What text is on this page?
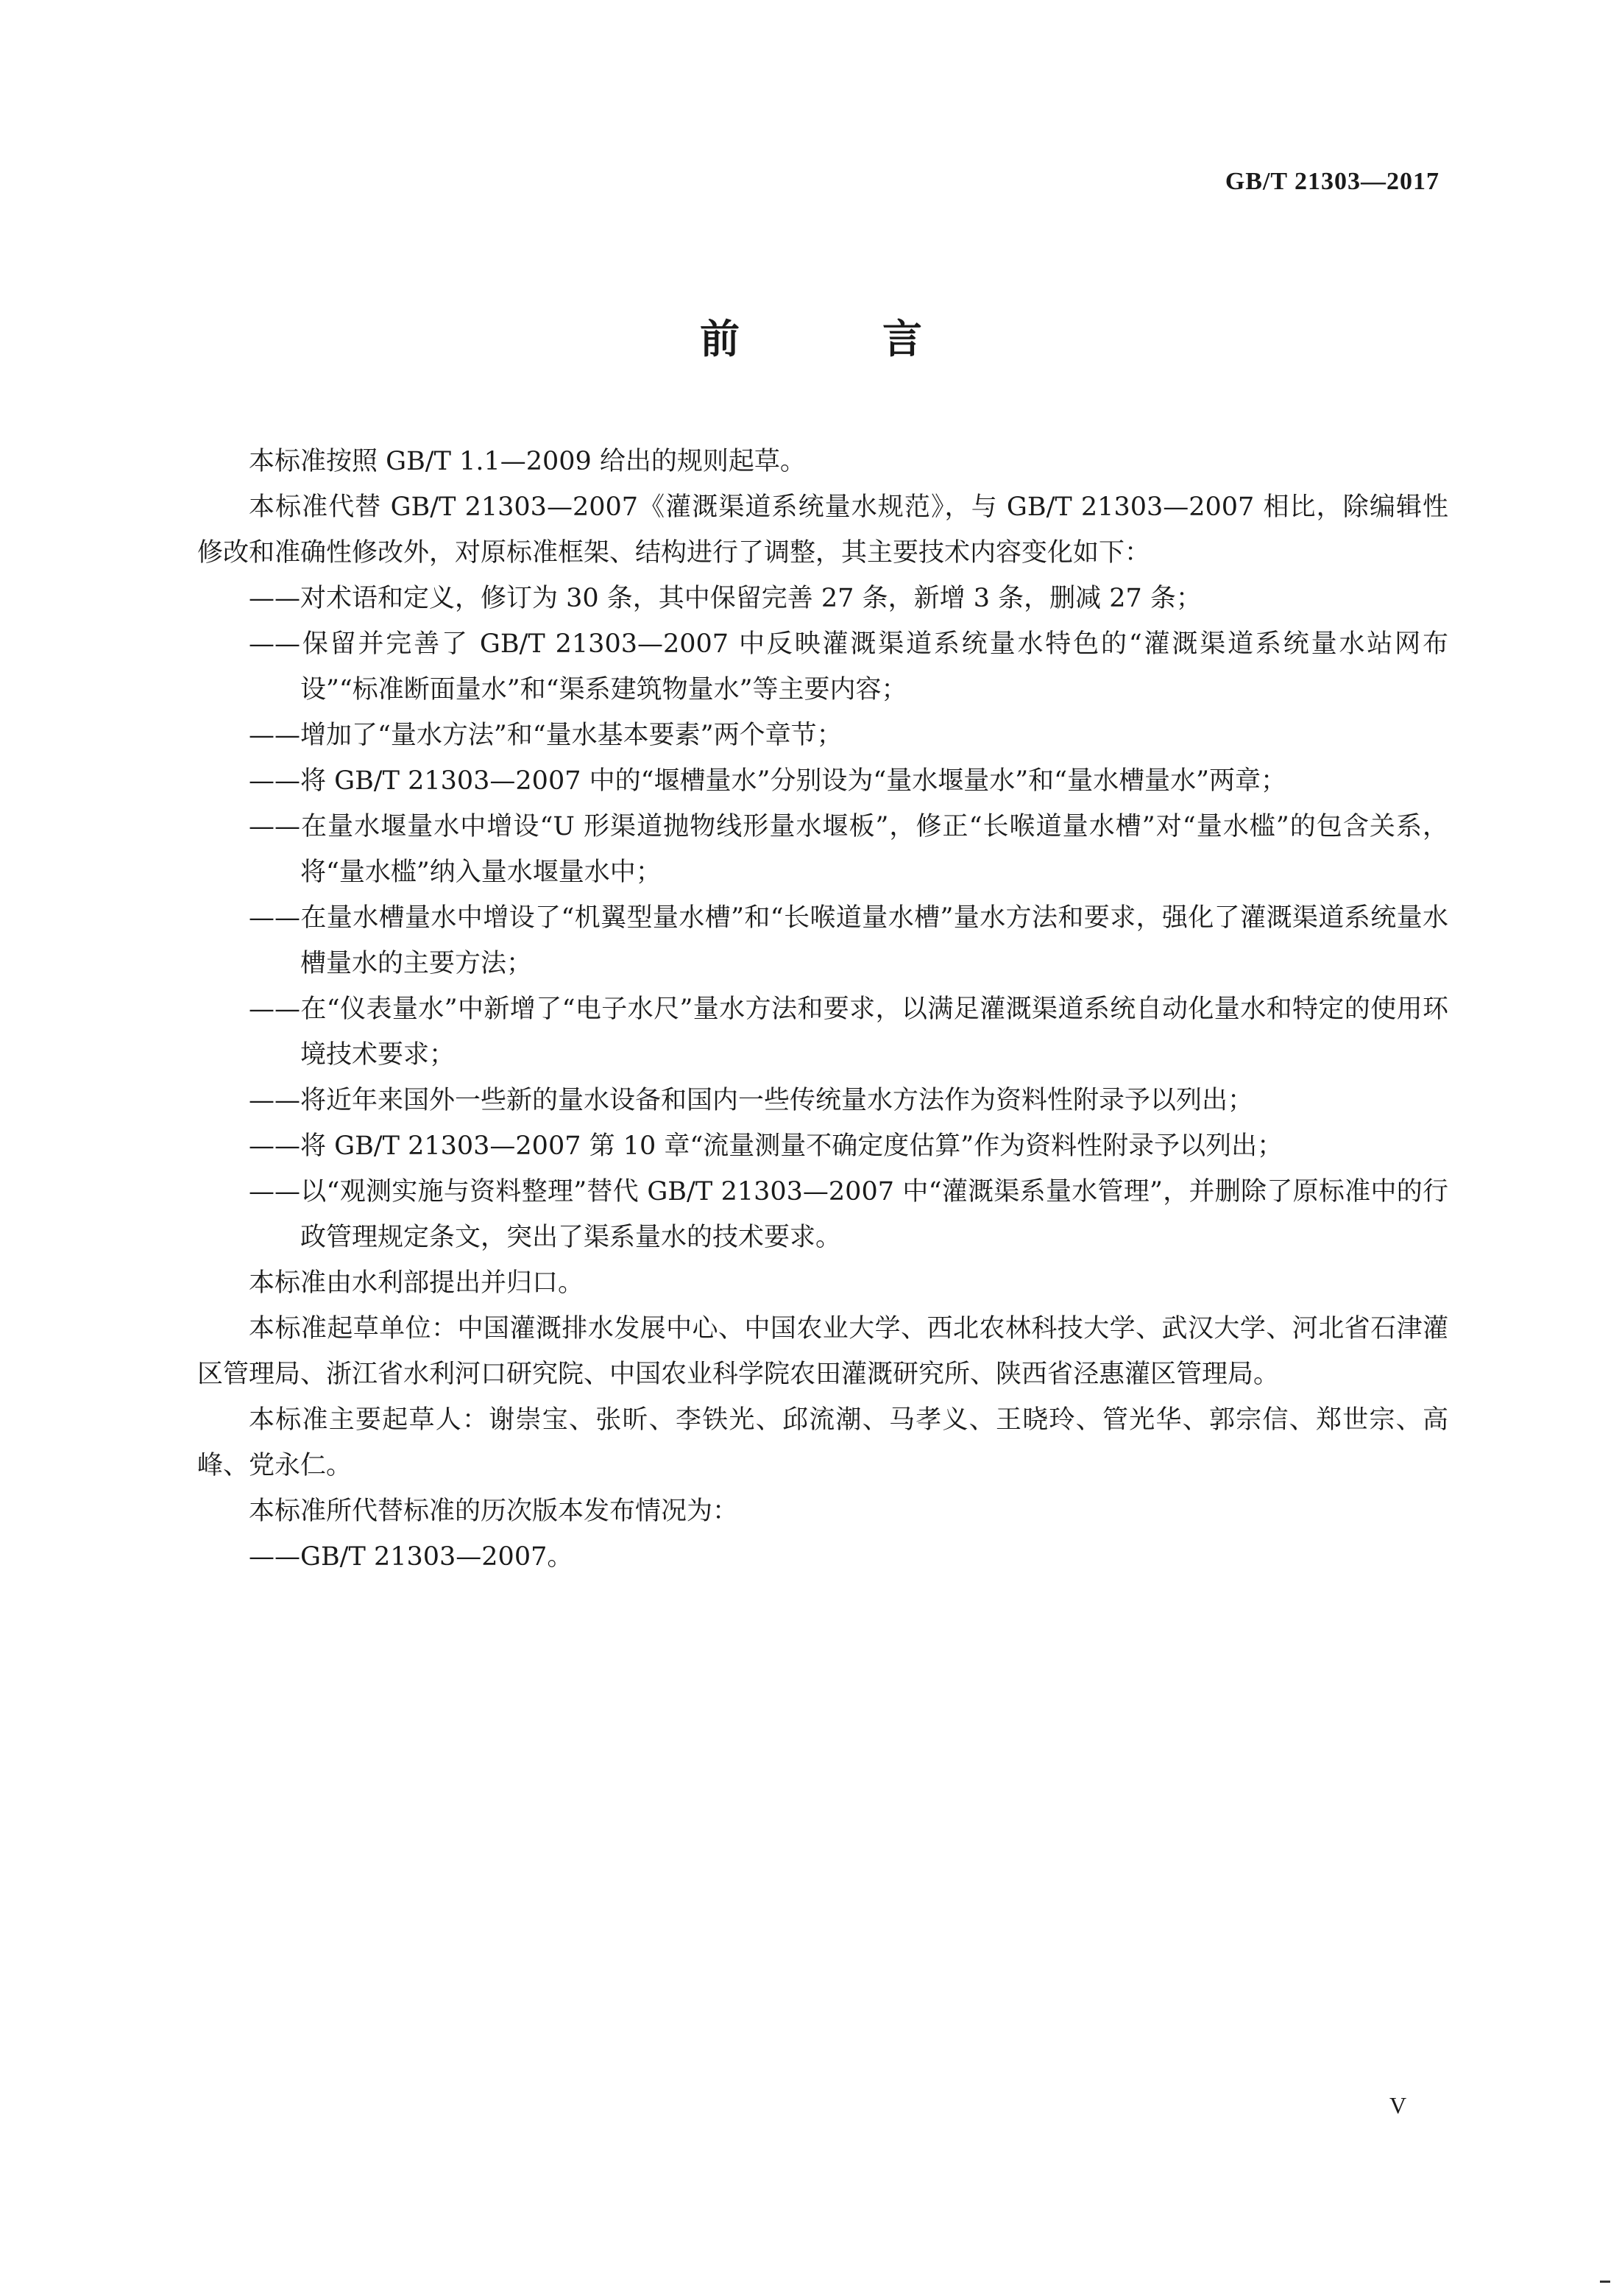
GB/T 21303—2017
前　言

本标准按照 GB/T 1.1—2009 给出的规则起草。

本标准代替 GB/T 21303—2007《灌溉渠道系统量水规范》，与 GB/T 21303—2007 相比，除编辑性修改和准确性修改外，对原标准框架、结构进行了调整，其主要技术内容变化如下：

——对术语和定义，修订为 30 条，其中保留完善 27 条，新增 3 条，删减 27 条；

——保留并完善了 GB/T 21303—2007 中反映灌溉渠道系统量水特色的“灌溉渠道系统量水站网布设”“标准断面量水”和“渠系建筑物量水”等主要内容；

——增加了“量水方法”和“量水基本要素”两个章节；

——将 GB/T 21303—2007 中的“堰槽量水”分别设为“量水堰量水”和“量水槽量水”两章；

——在量水堰量水中增设“U 形渠道抛物线形量水堰板”，修正“长喉道量水槽”对“量水槛”的包含关系，将“量水槛”纳入量水堰量水中；

——在量水槽量水中增设了“机翼型量水槽”和“长喉道量水槽”量水方法和要求，强化了灌溉渠道系统量水槽量水的主要方法；

——在“仪表量水”中新增了“电子水尺”量水方法和要求，以满足灌溉渠道系统自动化量水和特定的使用环境技术要求；

——将近年来国外一些新的量水设备和国内一些传统量水方法作为资料性附录予以列出；

——将 GB/T 21303—2007 第 10 章“流量测量不确定度估算”作为资料性附录予以列出；

——以“观测实施与资料整理”替代 GB/T 21303—2007 中“灌溉渠系量水管理”，并删除了原标准中的行政管理规定条文，突出了渠系量水的技术要求。

本标准由水利部提出并归口。

本标准起草单位：中国灌溉排水发展中心、中国农业大学、西北农林科技大学、武汉大学、河北省石津灌区管理局、浙江省水利河口研究院、中国农业科学院农田灌溉研究所、陕西省泾惠灌区管理局。

本标准主要起草人：谢崇宝、张昕、李铁光、邱流潮、马孝义、王晓玲、管光华、郭宗信、郑世宗、高峰、党永仁。

本标准所代替标准的历次版本发布情况为：

——GB/T 21303—2007。

V
